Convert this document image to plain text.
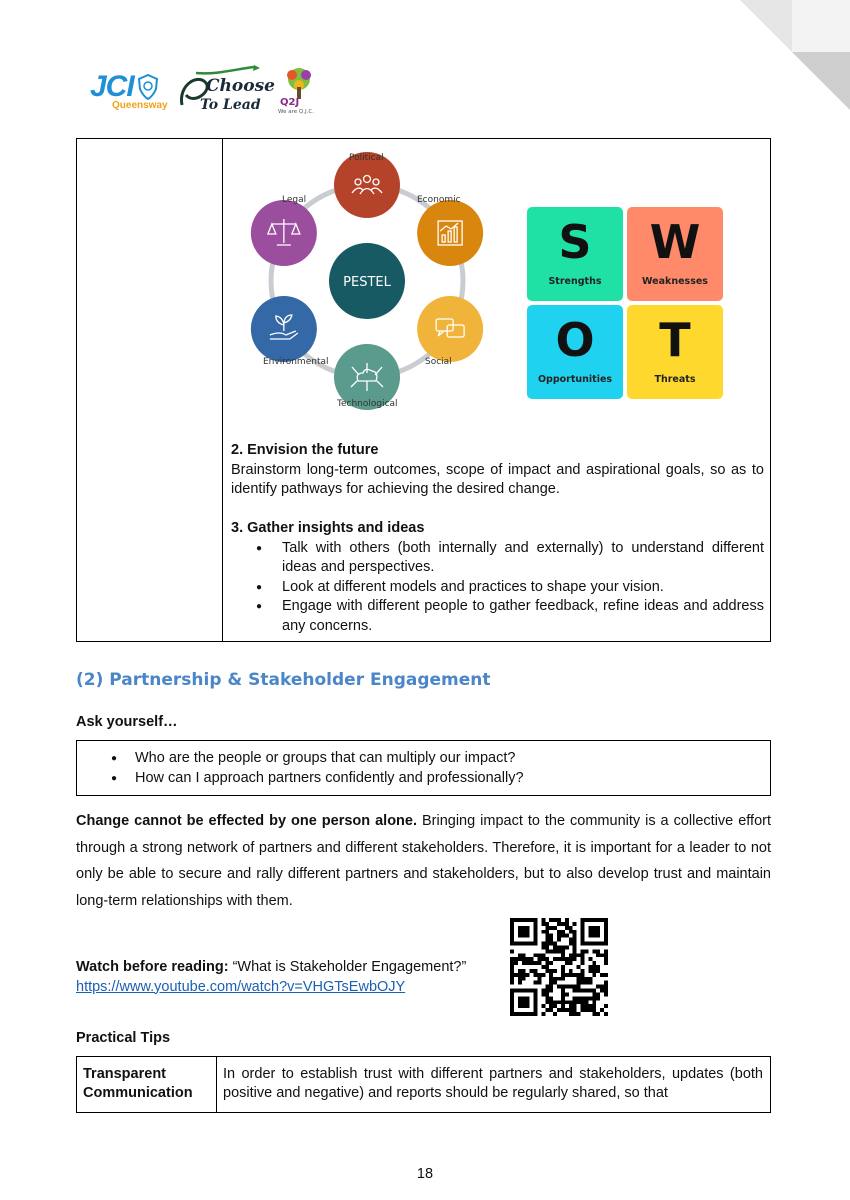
JCI
Queensway
Choose
To Lead Q2J
We are Q.J.C.
PESTEL
Political
Economic
Social
Technological
Environmental
Legal
S
Strengths
W
Weaknesses
O
Opportunities
T
Threats
2. Envision the future
Brainstorm long-term outcomes, scope of impact and aspirational goals, so as to identify pathways for achieving the desired change.
3. Gather insights and ideas
● Talk with others (both internally and externally) to understand different ideas and perspectives.
● Look at different models and practices to shape your vision.
● Engage with different people to gather feedback, refine ideas and address any concerns.
(2) Partnership & Stakeholder Engagement
Ask yourself…
● Who are the people or groups that can multiply our impact?
● How can I approach partners confidently and professionally?
Change cannot be effected by one person alone. Bringing impact to the community is a collective effort through a strong network of partners and different stakeholders. Therefore, it is important for a leader to not only be able to secure and rally different partners and stakeholders, but to also develop trust and maintain long-term relationships with them.
Watch before reading: “What is Stakeholder Engagement?”
https://www.youtube.com/watch?v=VHGTsEwbOJY
Practical Tips
Transparent Communication
In order to establish trust with different partners and stakeholders, updates (both positive and negative) and reports should be regularly shared, so that
18
